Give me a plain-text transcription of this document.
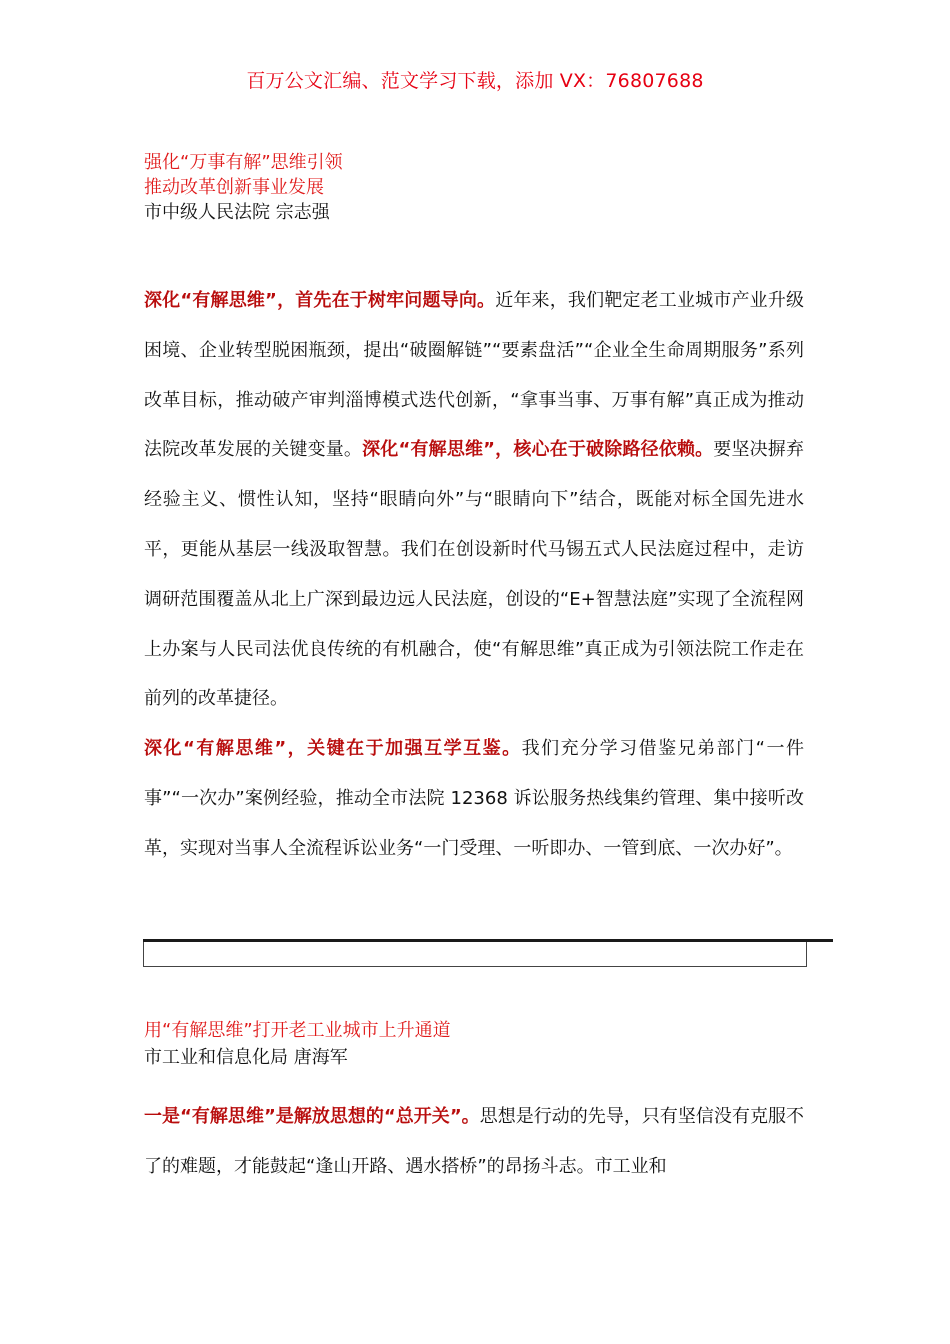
百万公文汇编、范文学习下载，添加 VX：76807688
强化“万事有解”思维引领
推动改革创新事业发展
市中级人民法院 宗志强
深化“有解思维”，首先在于树牢问题导向。近年来，我们靶定老工业城市产业升级困境、企业转型脱困瓶颈，提出“破圈解链”“要素盘活”“企业全生命周期服务”系列改革目标，推动破产审判淄博模式迭代创新，“拿事当事、万事有解”真正成为推动法院改革发展的关键变量。深化“有解思维”，核心在于破除路径依赖。要坚决摒弃经验主义、惯性认知，坚持“眼睛向外”与“眼睛向下”结合，既能对标全国先进水平，更能从基层一线汲取智慧。我们在创设新时代马锡五式人民法庭过程中，走访调研范围覆盖从北上广深到最边远人民法庭，创设的“E+智慧法庭”实现了全流程网上办案与人民司法优良传统的有机融合，使“有解思维”真正成为引领法院工作走在前列的改革捷径。
深化“有解思维”，关键在于加强互学互鉴。我们充分学习借鉴兄弟部门“一件事”“一次办”案例经验，推动全市法院 12368 诉讼服务热线集约管理、集中接听改革，实现对当事人全流程诉讼业务“一门受理、一听即办、一管到底、一次办好”。
用“有解思维”打开老工业城市上升通道
市工业和信息化局 唐海军
一是“有解思维”是解放思想的“总开关”。思想是行动的先导，只有坚信没有克服不了的难题，才能鼓起“逢山开路、遇水搭桥”的昂扬斗志。市工业和
